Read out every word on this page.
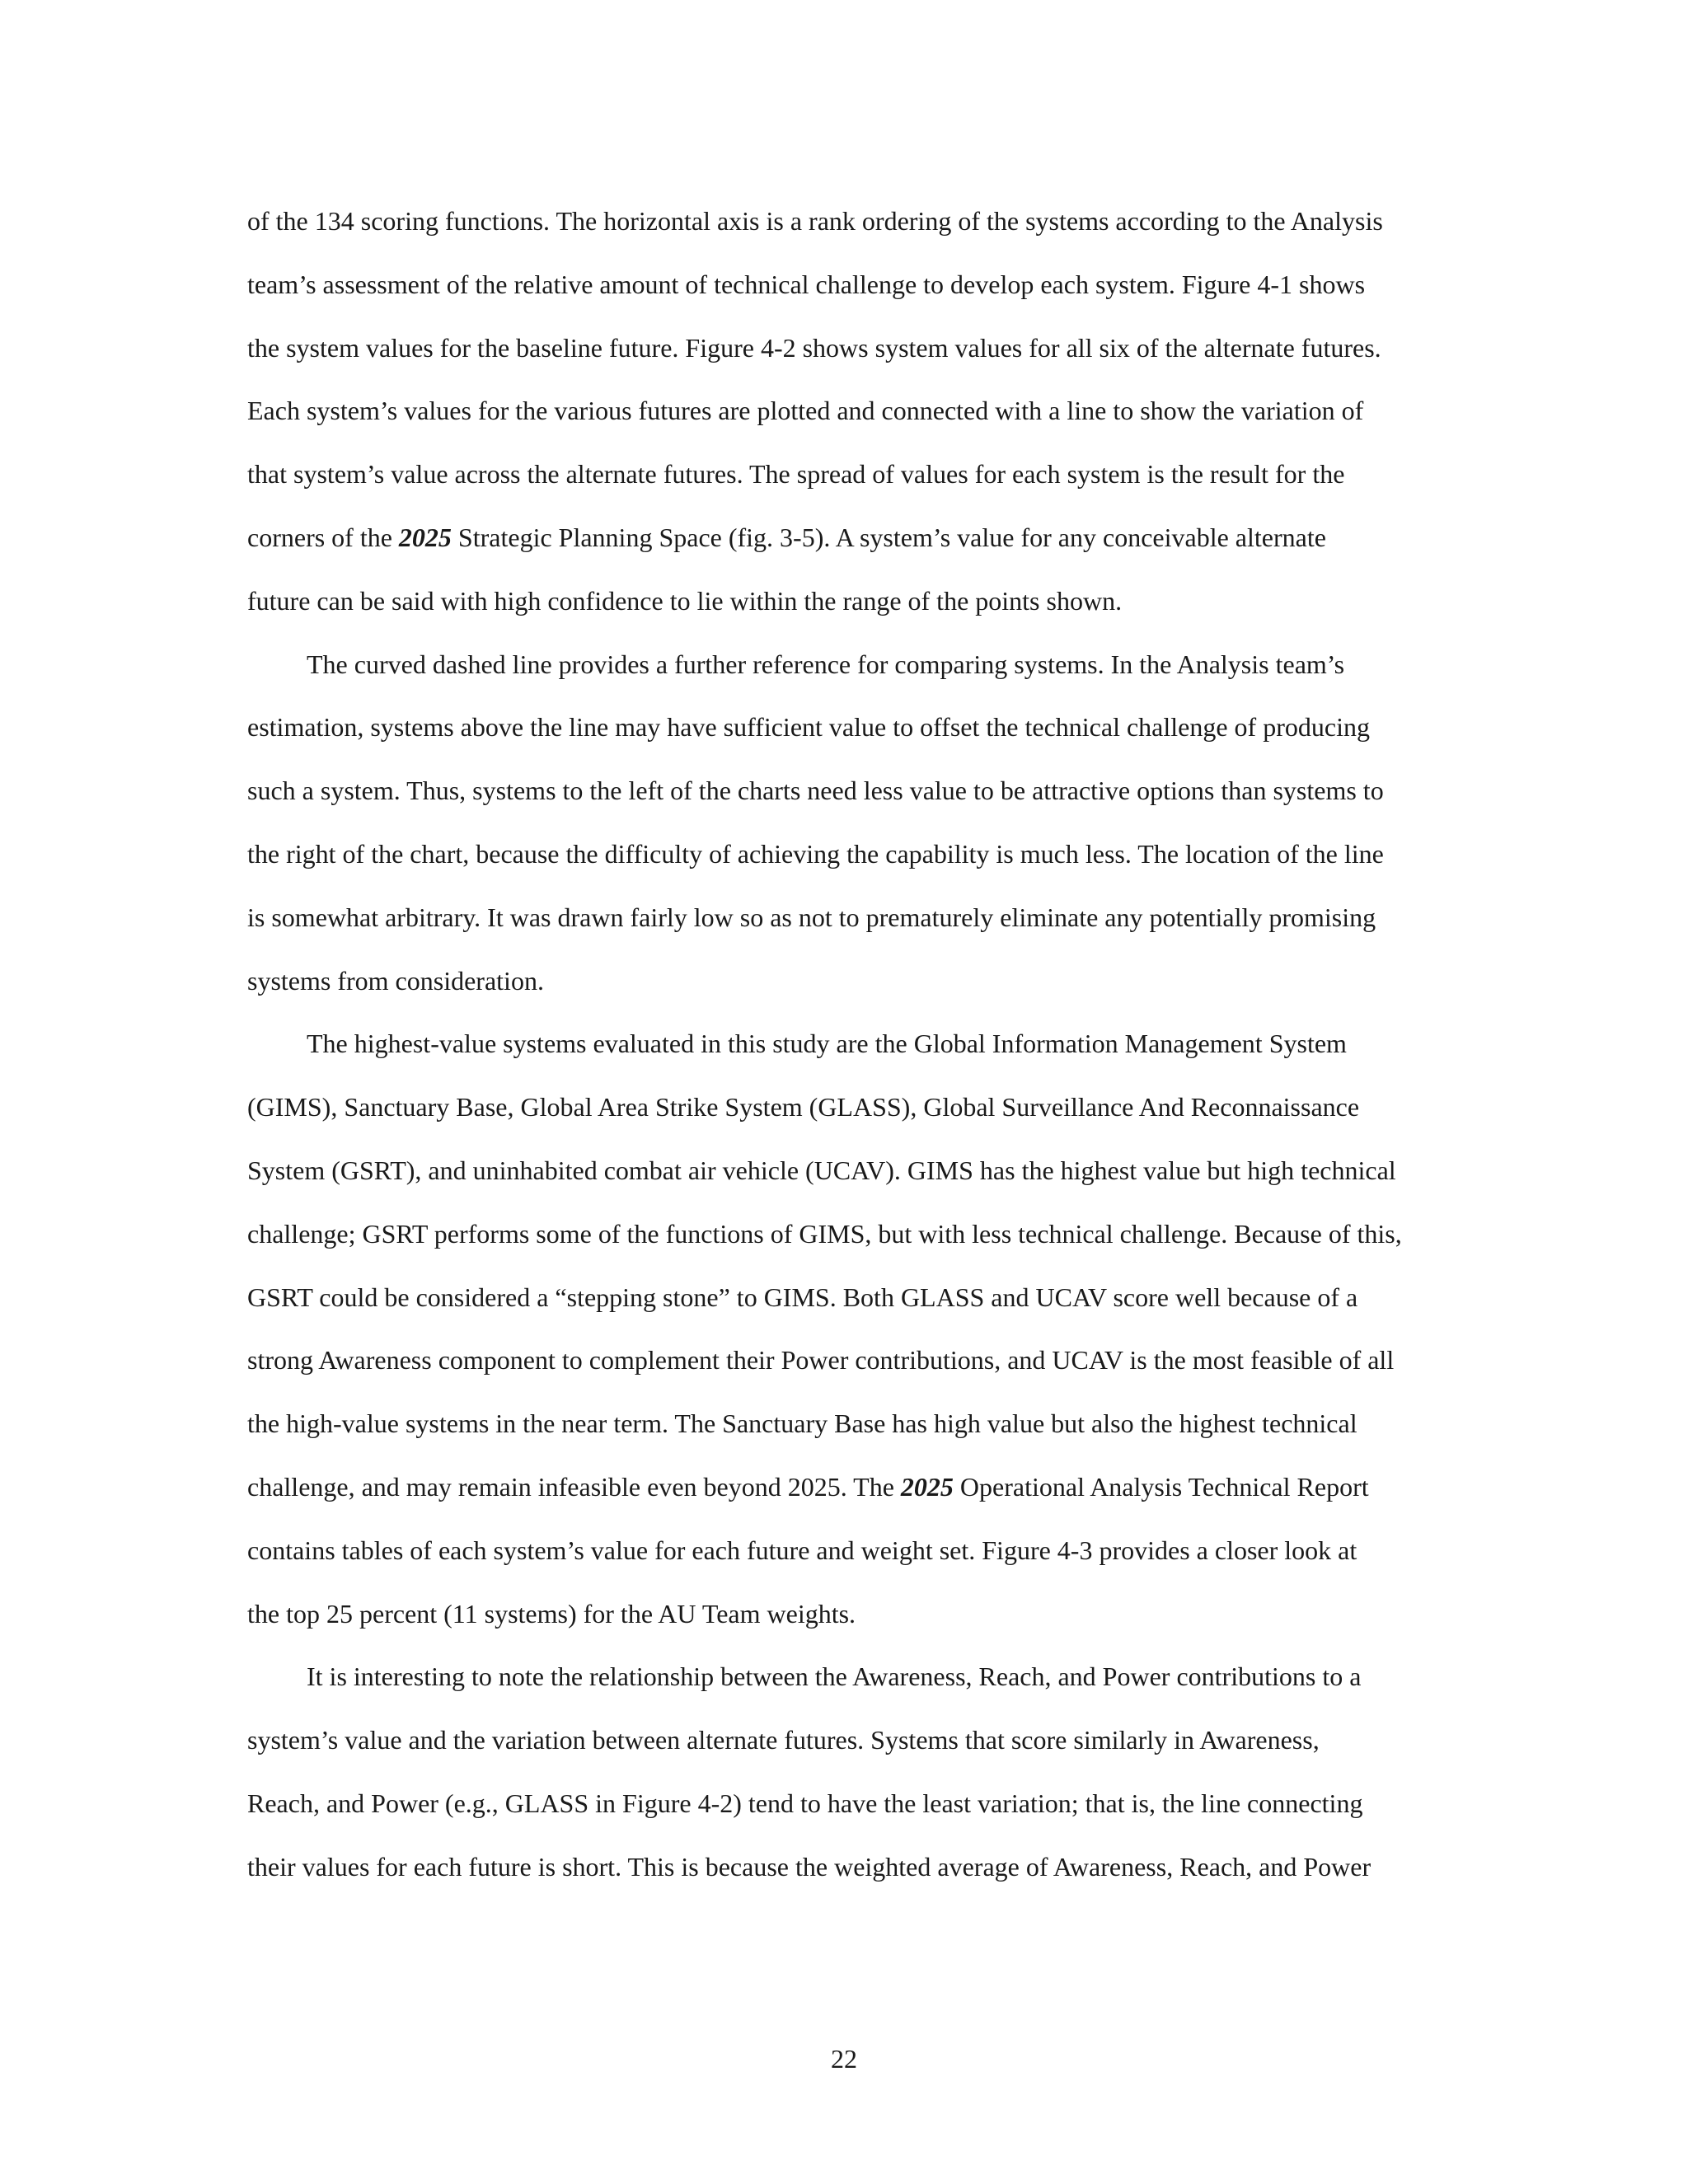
of the 134 scoring functions. The horizontal axis is a rank ordering of the systems according to the Analysis
team’s assessment of the relative amount of technical challenge to develop each system. Figure 4-1 shows
the system values for the baseline future. Figure 4-2 shows system values for all six of the alternate futures.
Each system’s values for the various futures are plotted and connected with a line to show the variation of
that system’s value across the alternate futures. The spread of values for each system is the result for the
corners of the 2025 Strategic Planning Space (fig. 3-5). A system’s value for any conceivable alternate
future can be said with high confidence to lie within the range of the points shown.
The curved dashed line provides a further reference for comparing systems. In the Analysis team’s
estimation, systems above the line may have sufficient value to offset the technical challenge of producing
such a system. Thus, systems to the left of the charts need less value to be attractive options than systems to
the right of the chart, because the difficulty of achieving the capability is much less. The location of the line
is somewhat arbitrary. It was drawn fairly low so as not to prematurely eliminate any potentially promising
systems from consideration.
The highest-value systems evaluated in this study are the Global Information Management System
(GIMS), Sanctuary Base, Global Area Strike System (GLASS), Global Surveillance And Reconnaissance
System (GSRT), and uninhabited combat air vehicle (UCAV). GIMS has the highest value but high technical
challenge; GSRT performs some of the functions of GIMS, but with less technical challenge. Because of this,
GSRT could be considered a “stepping stone” to GIMS. Both GLASS and UCAV score well because of a
strong Awareness component to complement their Power contributions, and UCAV is the most feasible of all
the high-value systems in the near term. The Sanctuary Base has high value but also the highest technical
challenge, and may remain infeasible even beyond 2025. The 2025 Operational Analysis Technical Report
contains tables of each system’s value for each future and weight set. Figure 4-3 provides a closer look at
the top 25 percent (11 systems) for the AU Team weights.
It is interesting to note the relationship between the Awareness, Reach, and Power contributions to a
system’s value and the variation between alternate futures. Systems that score similarly in Awareness,
Reach, and Power (e.g., GLASS in Figure 4-2) tend to have the least variation; that is, the line connecting
their values for each future is short. This is because the weighted average of Awareness, Reach, and Power
22
